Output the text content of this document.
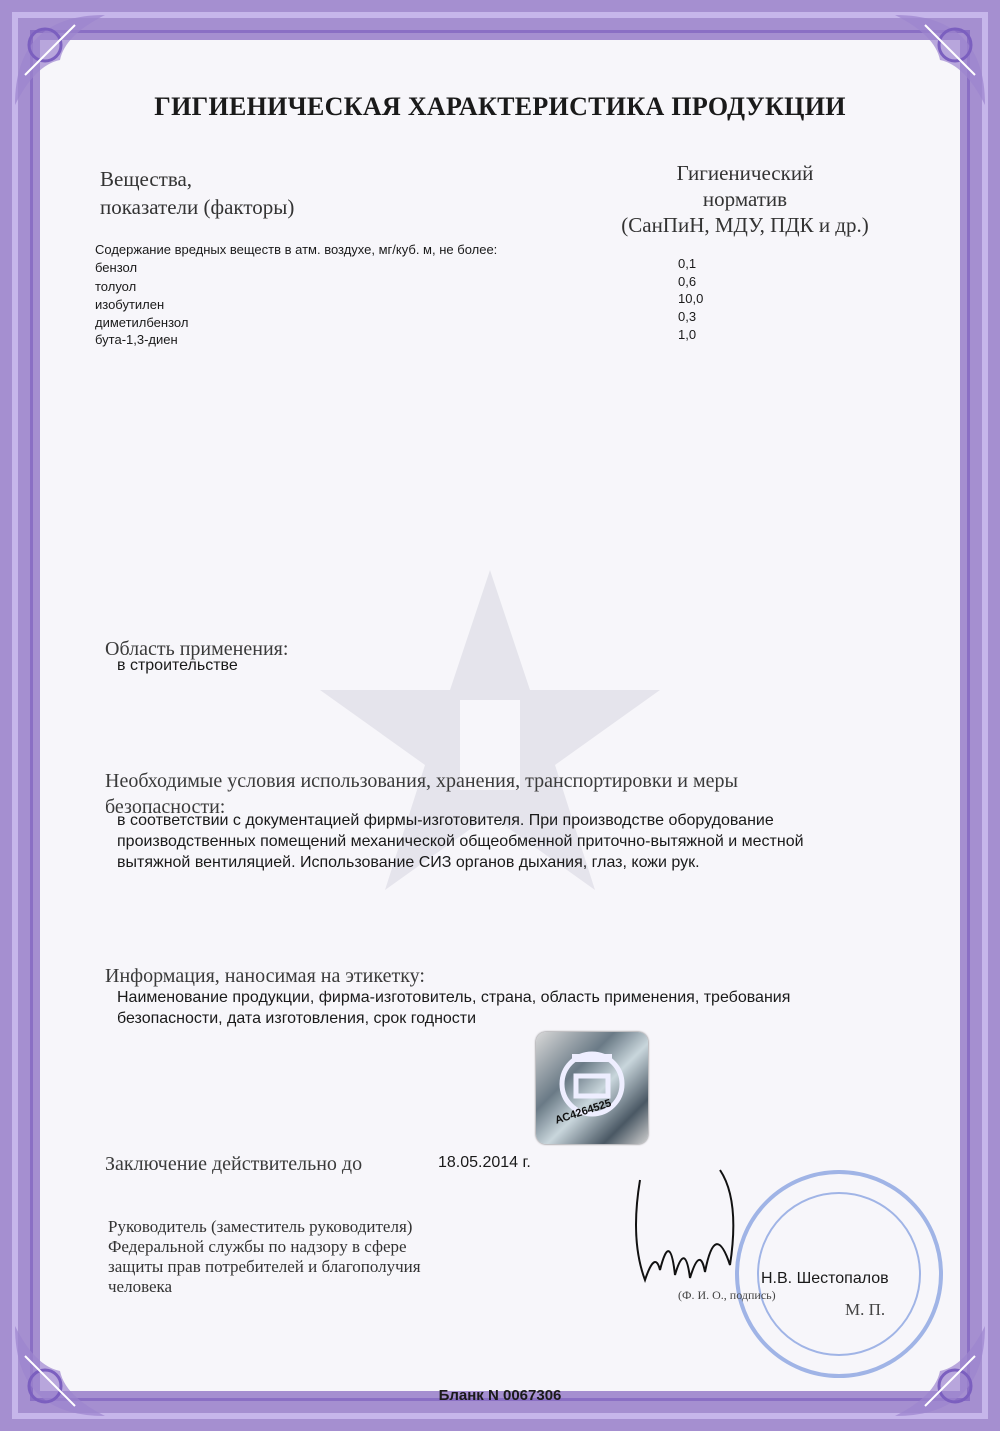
ГИГИЕНИЧЕСКАЯ ХАРАКТЕРИСТИКА ПРОДУКЦИИ
Вещества,
показатели (факторы)
Гигиенический
норматив
(СанПиН, МДУ, ПДК и др.)
Содержание вредных веществ в атм. воздухе, мг/куб. м, не более:
бензол	0,1
толуол	0,6
изобутилен	10,0
диметилбензол	0,3
бута-1,3-диен	1,0
Область применения:
в строительстве
Необходимые условия использования, хранения, транспортировки и меры
безопасности:
в соответствии с документацией фирмы-изготовителя. При производстве оборудование
производственных помещений механической общеобменной приточно-вытяжной и местной
вытяжной вентиляцией. Использование СИЗ органов дыхания, глаз, кожи рук.
Информация, наносимая на этикетку:
Наименование продукции, фирма-изготовитель, страна, область применения, требования
безопасности, дата изготовления, срок годности
АС4264525
Заключение действительно до	18.05.2014 г.
Руководитель (заместитель руководителя)
Федеральной службы по надзору в сфере
защиты прав потребителей и благополучия
человека	Н.В. Шестопалов
(Ф. И. О., подпись)
М. П.
Бланк N 0067306
